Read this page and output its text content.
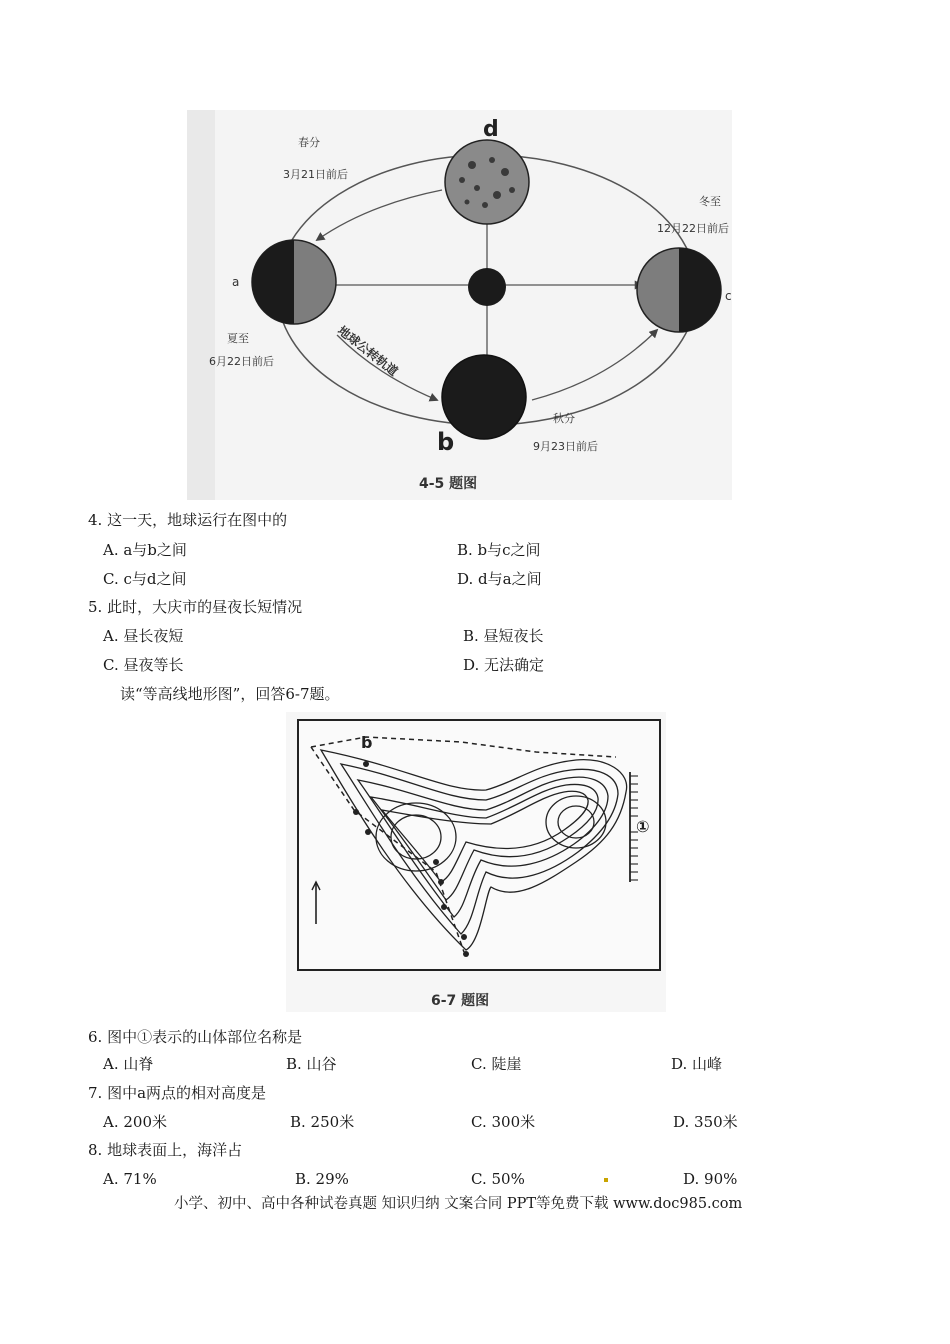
d
春分
3月21日前后
a
夏至
6月22日前后
c
冬至
12月22日前后
b
秋分
9月23日前后
地球公转轨道
4-5 题图
4. 这一天，地球运行在图中的
A. a与b之间	B. b与c之间
C. c与d之间	D. d与a之间
5. 此时，大庆市的昼夜长短情况
A. 昼长夜短	B. 昼短夜长
C. 昼夜等长	D. 无法确定
读“等高线地形图”，回答6-7题。
b
①
6-7 题图
6. 图中①表示的山体部位名称是
A. 山脊	B. 山谷	C. 陡崖	D. 山峰
7. 图中a两点的相对高度是
A. 200米	B. 250米	C. 300米	D. 350米
8. 地球表面上，海洋占
A. 71%	B. 29%	C. 50%	D. 90%
小学、初中、高中各种试卷真题 知识归纳 文案合同 PPT等免费下载 www.doc985.com
